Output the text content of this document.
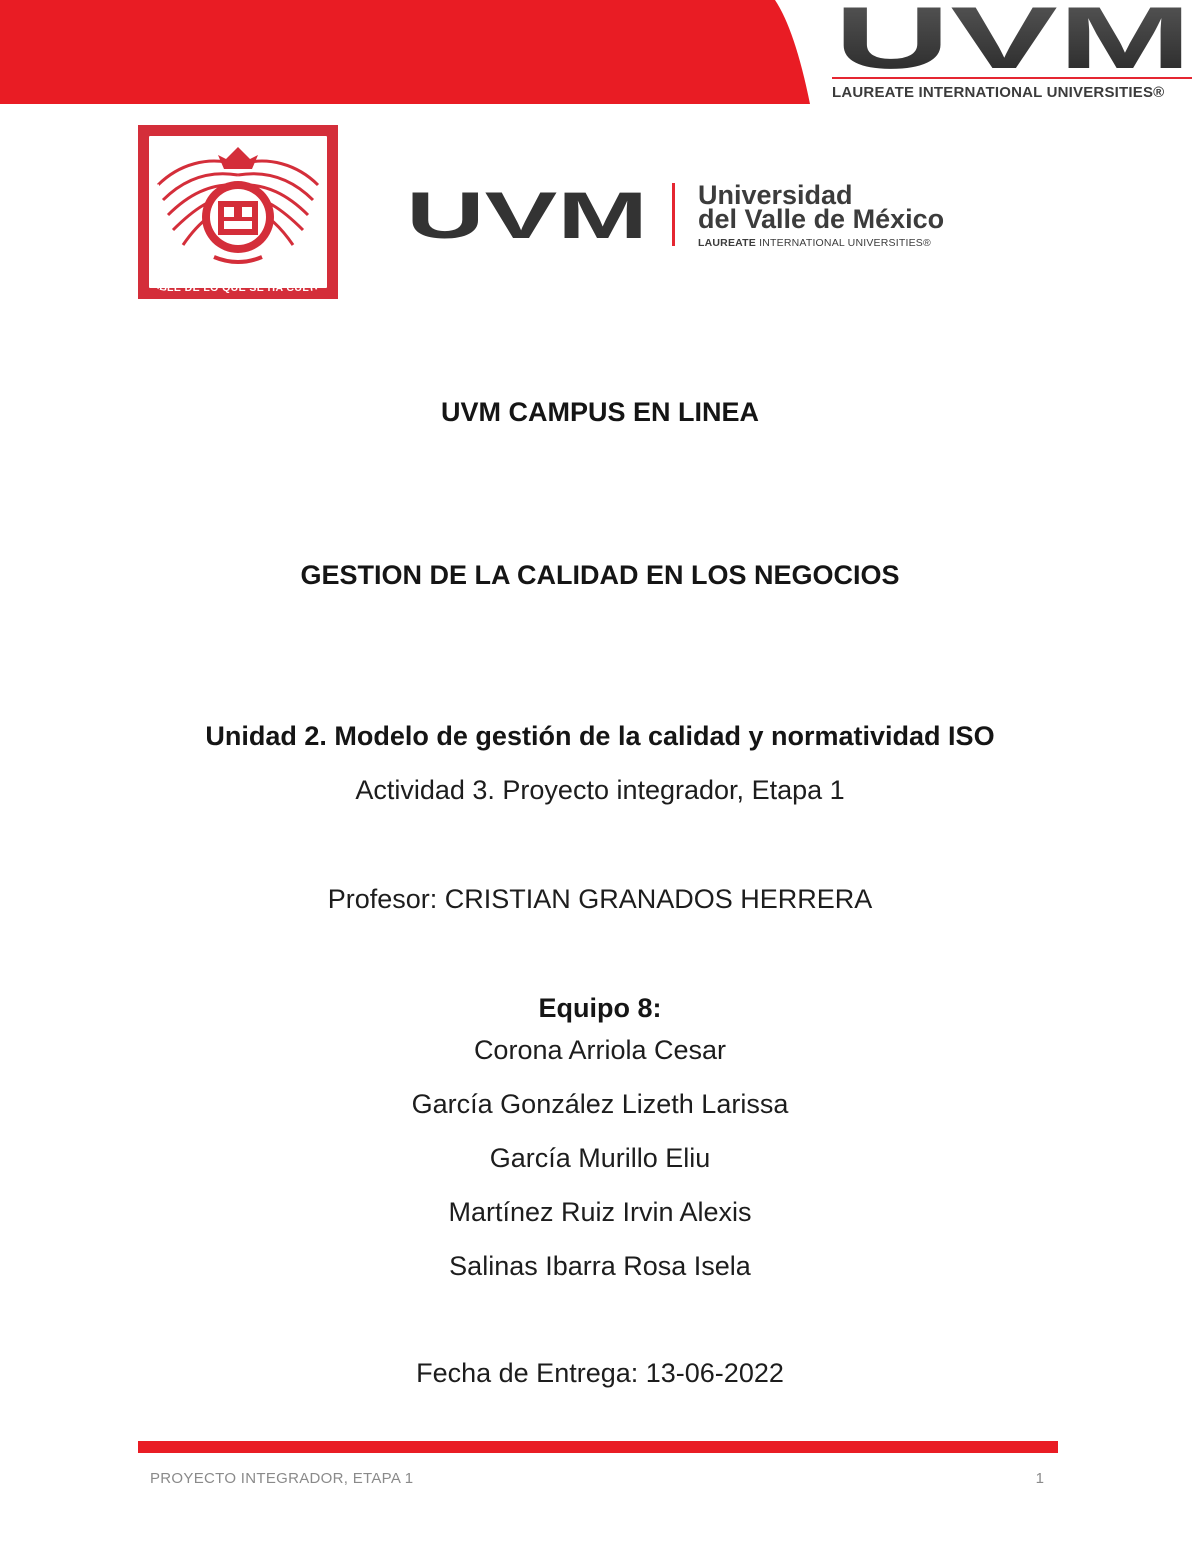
UVM
LAUREATE INTERNATIONAL UNIVERSITIES®
POR SIEMPRE RESPONSABLE DE LO QUE SE HA CULTIVADO
UVM Universidad
del Valle de México
LAUREATE INTERNATIONAL UNIVERSITIES®
UVM CAMPUS EN LINEA
GESTION DE LA CALIDAD EN LOS NEGOCIOS
Unidad 2. Modelo de gestión de la calidad y normatividad ISO
Actividad 3. Proyecto integrador, Etapa 1
Profesor: CRISTIAN GRANADOS HERRERA
Equipo 8:
Corona Arriola Cesar
García González Lizeth Larissa
García Murillo Eliu
Martínez Ruiz Irvin Alexis
Salinas Ibarra Rosa Isela
Fecha de Entrega: 13-06-2022
PROYECTO INTEGRADOR, ETAPA 1	1
